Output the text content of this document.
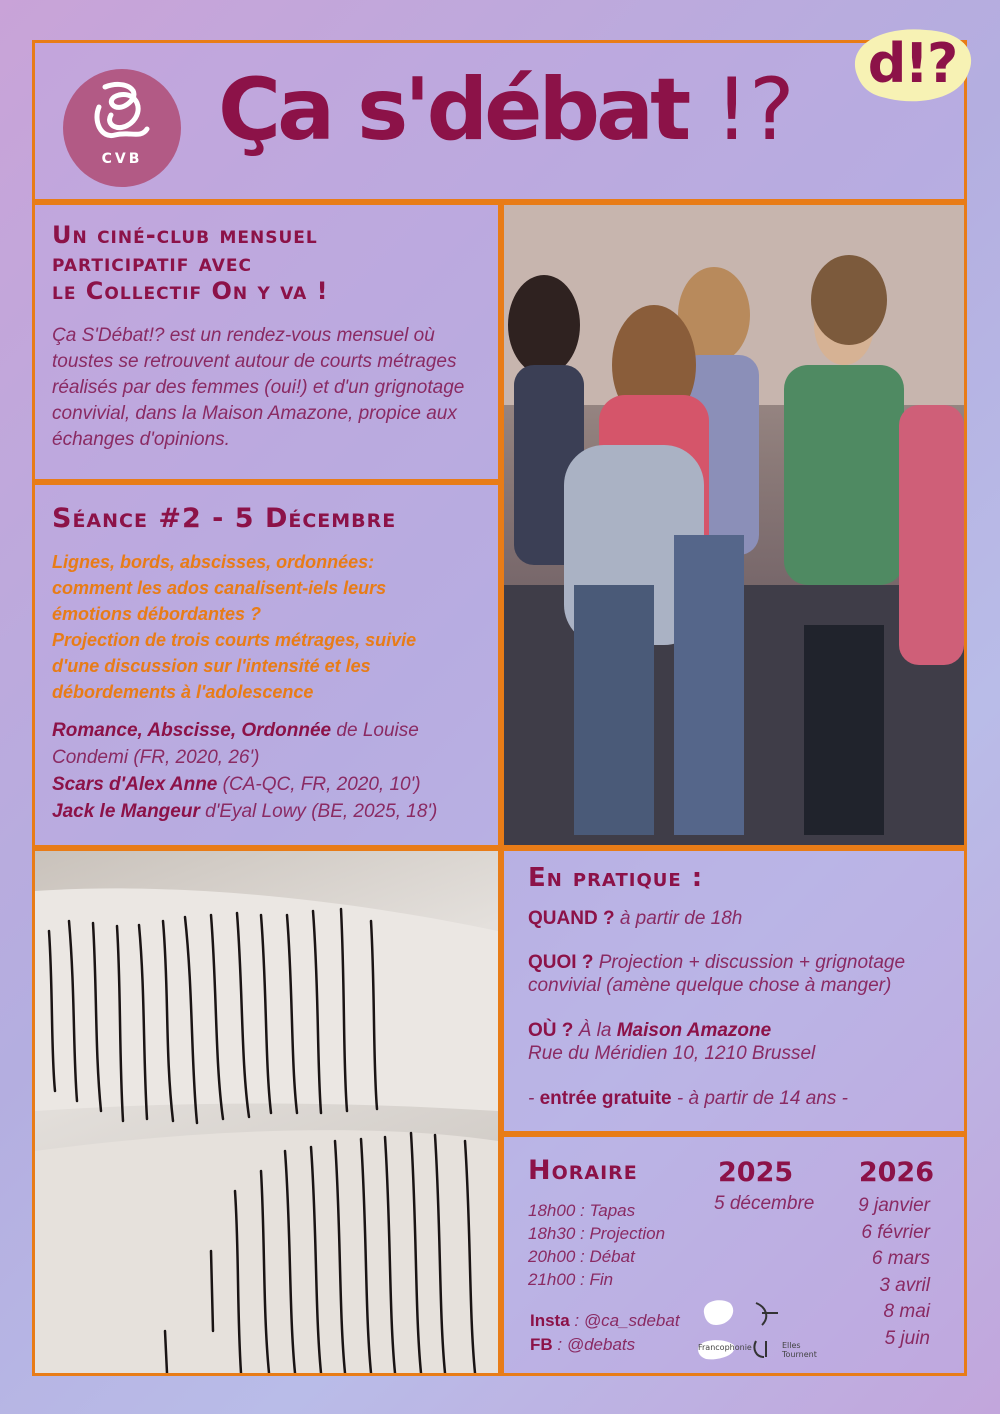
CVB Ça s'débat !?	d!?
Un ciné-club mensuel
participatif avec
le Collectif On y va !
Ça S'Débat!? est un rendez-vous mensuel où toustes se retrouvent autour de courts métrages réalisés par des femmes (oui!) et d'un grignotage convivial, dans la Maison Amazone, propice aux échanges d'opinions.
Séance #2 - 5 Décembre
Lignes, bords, abscisses, ordonnées:
comment les ados canalisent-iels leurs
émotions débordantes ?
Projection de trois courts métrages, suivie
d'une discussion sur l'intensité et les
débordements à l'adolescence
Romance, Abscisse, Ordonnée de Louise Condemi (FR, 2020, 26')
Scars d'Alex Anne (CA-QC, FR, 2020, 10')
Jack le Mangeur d'Eyal Lowy (BE, 2025, 18')
En pratique :
QUAND ? à partir de 18h
QUOI ? Projection + discussion + grignotage convivial (amène quelque chose à manger)
OÙ ? À la Maison Amazone
Rue du Méridien 10, 1210 Brussel
- entrée gratuite - à partir de 14 ans -
Horaire
18h00 : Tapas
18h30 : Projection
20h00 : Débat
21h00 : Fin
2025
5 décembre
2026
9 janvier
6 février
6 mars
3 avril
8 mai
5 juin
Insta : @ca_sdebat
FB : @debats	Francophonie	Elles Tournent
